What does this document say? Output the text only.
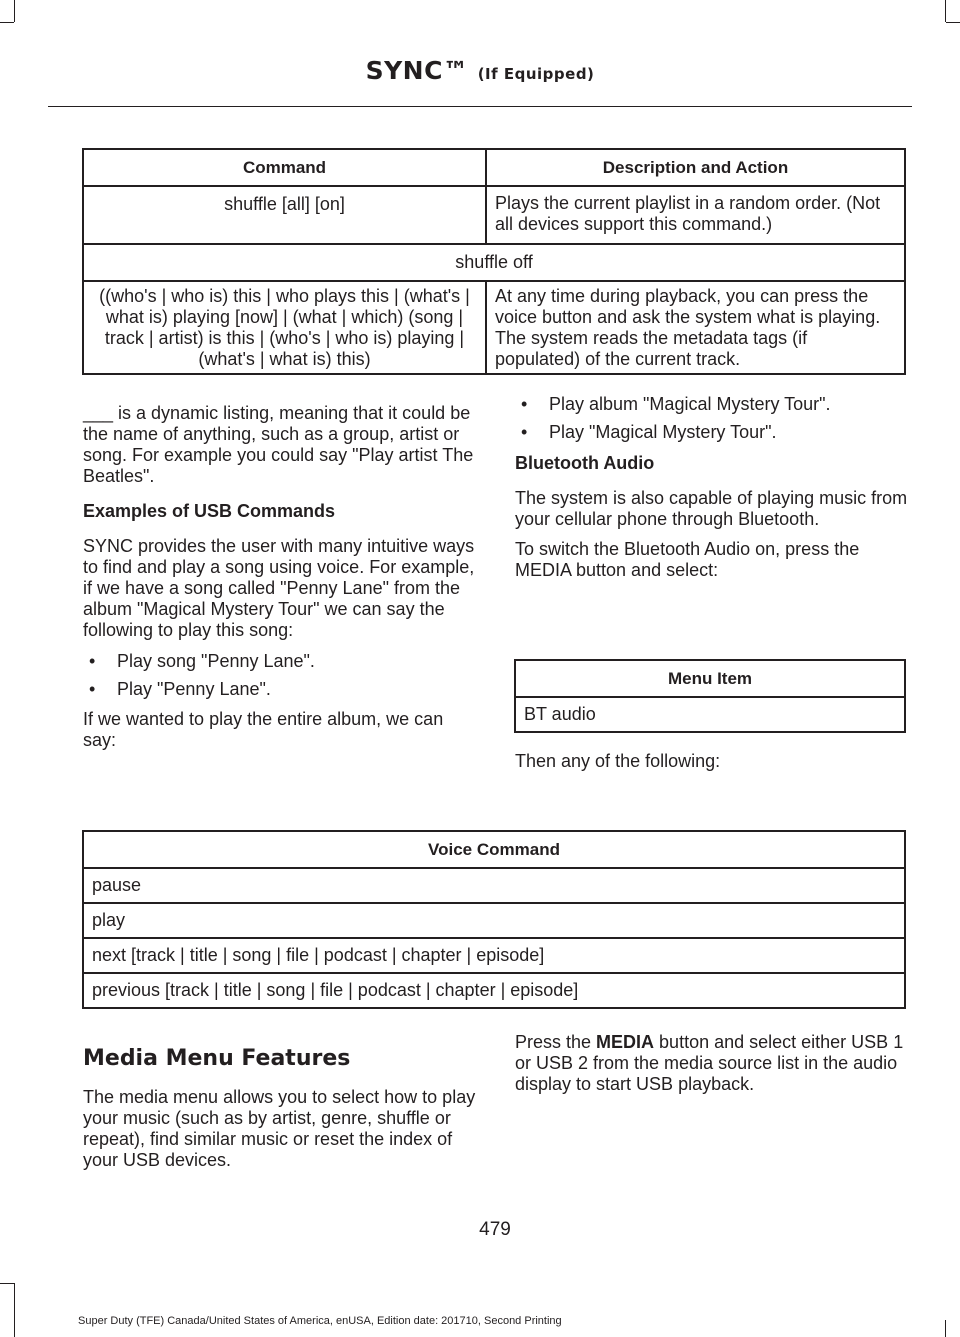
SYNC™ (If Equipped)
Command	Description and Action
shuffle [all] [on]	Plays the current playlist in a random order. (Not all devices support this command.)
shuffle off	
((who's | who is) this | who plays this | (what's | what is) playing [now] | (what | which) (song | track | artist) is this | (who's | who is) playing | (what's | what is) this)	At any time during playback, you can press the voice button and ask the system what is playing. The system reads the metadata tags (if populated) of the current track.

___ is a dynamic listing, meaning that it could be the name of anything, such as a group, artist or song. For example you could say "Play artist The Beatles".

Examples of USB Commands

SYNC provides the user with many intuitive ways to find and play a song using voice. For example, if we have a song called "Penny Lane" from the album "Magical Mystery Tour" we can say the following to play this song:

• Play song "Penny Lane".

• Play "Penny Lane".

If we wanted to play the entire album, we can say:

• Play album "Magical Mystery Tour".

• Play "Magical Mystery Tour".

Bluetooth Audio

The system is also capable of playing music from your cellular phone through Bluetooth.

To switch the Bluetooth Audio on, press the MEDIA button and select:

Menu Item
BT audio
Then any of the following:
Voice Command
pause
play
next [track | title | song | file | podcast | chapter | episode]
previous [track | title | song | file | podcast | chapter | episode]
Media Menu Features
The media menu allows you to select how to play your music (such as by artist, genre, shuffle or repeat), find similar music or reset the index of your USB devices.
Press the MEDIA button and select either USB 1 or USB 2 from the media source list in the audio display to start USB playback.
479
Super Duty (TFE) Canada/United States of America, enUSA, Edition date: 201710, Second Printing
